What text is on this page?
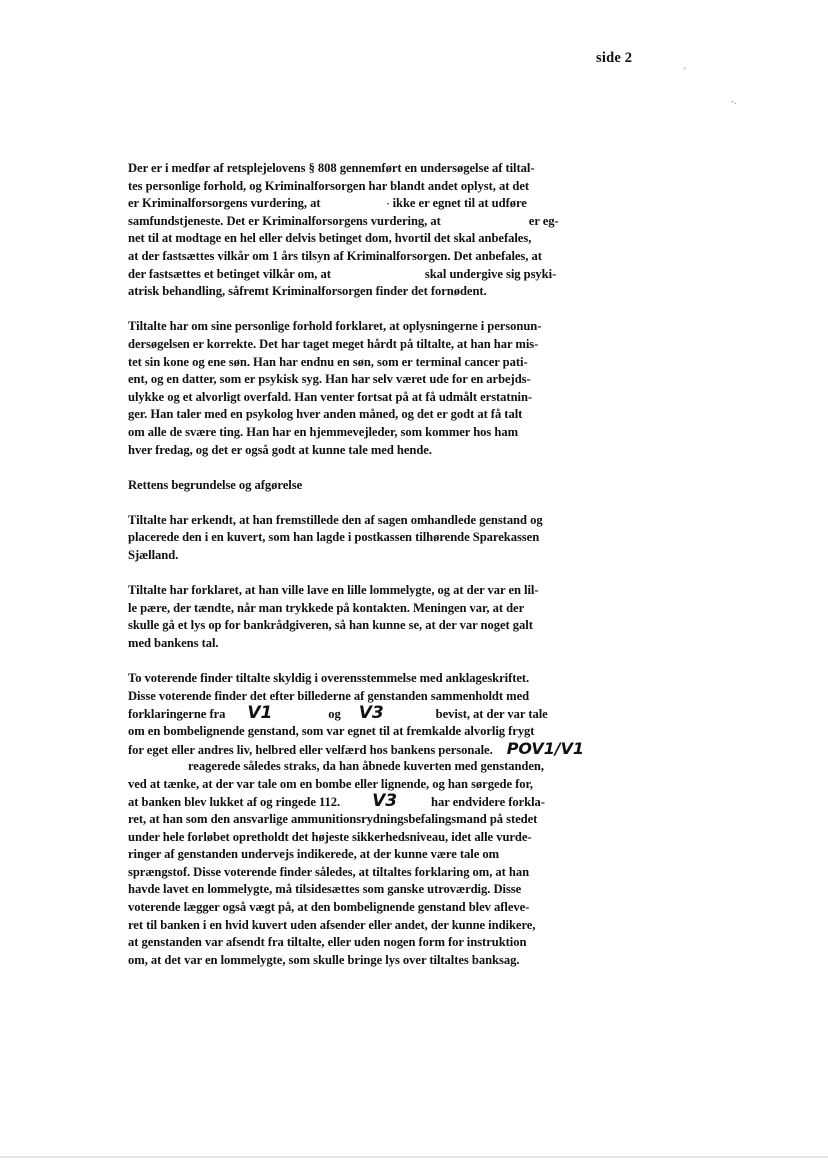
side 2
'
-.
Der er i medfør af retsplejelovens § 808 gennemført en undersøgelse af tiltal-
tes personlige forhold, og Kriminalforsorgen har blandt andet oplyst, at det
er Kriminalforsorgens vurdering, at	· ikke er egnet til at udføre
samfundstjeneste. Det er Kriminalforsorgens vurdering, at	er eg-
net til at modtage en hel eller delvis betinget dom, hvortil det skal anbefales,
at der fastsættes vilkår om 1 års tilsyn af Kriminalforsorgen. Det anbefales, at
der fastsættes et betinget vilkår om, at	skal undergive sig psyki-
atrisk behandling, såfremt Kriminalforsorgen finder det fornødent.
Tiltalte har om sine personlige forhold forklaret, at oplysningerne i personun-
dersøgelsen er korrekte. Det har taget meget hårdt på tiltalte, at han har mis-
tet sin kone og ene søn. Han har endnu en søn, som er terminal cancer pati-
ent, og en datter, som er psykisk syg. Han har selv været ude for en arbejds-
ulykke og et alvorligt overfald. Han venter fortsat på at få udmålt erstatnin-
ger. Han taler med en psykolog hver anden måned, og det er godt at få talt
om alle de svære ting. Han har en hjemmevejleder, som kommer hos ham
hver fredag, og det er også godt at kunne tale med hende.
Rettens begrundelse og afgørelse
Tiltalte har erkendt, at han fremstillede den af sagen omhandlede genstand og
placerede den i en kuvert, som han lagde i postkassen tilhørende Sparekassen
Sjælland.
Tiltalte har forklaret, at han ville lave en lille lommelygte, og at der var en lil-
le pære, der tændte, når man trykkede på kontakten. Meningen var, at der
skulle gå et lys op for bankrådgiveren, så han kunne se, at der var noget galt
med bankens tal.
To voterende finder tiltalte skyldig i overensstemmelse med anklageskriftet.
Disse voterende finder det efter billederne af genstanden sammenholdt med
forklaringerne fra V1	og V3	bevist, at der var tale
om en bombelignende genstand, som var egnet til at fremkalde alvorlig frygt
for eget eller andres liv, helbred eller velfærd hos bankens personale. POV1/V1
reagerede således straks, da han åbnede kuverten med genstanden,
ved at tænke, at der var tale om en bombe eller lignende, og han sørgede for,
at banken blev lukket af og ringede 112. V3	har endvidere forkla-
ret, at han som den ansvarlige ammunitionsrydningsbefalingsmand på stedet
under hele forløbet opretholdt det højeste sikkerhedsniveau, idet alle vurde-
ringer af genstanden undervejs indikerede, at der kunne være tale om
sprængstof. Disse voterende finder således, at tiltaltes forklaring om, at han
havde lavet en lommelygte, må tilsidesættes som ganske utroværdig. Disse
voterende lægger også vægt på, at den bombelignende genstand blev afleve-
ret til banken i en hvid kuvert uden afsender eller andet, der kunne indikere,
at genstanden var afsendt fra tiltalte, eller uden nogen form for instruktion
om, at det var en lommelygte, som skulle bringe lys over tiltaltes banksag.
